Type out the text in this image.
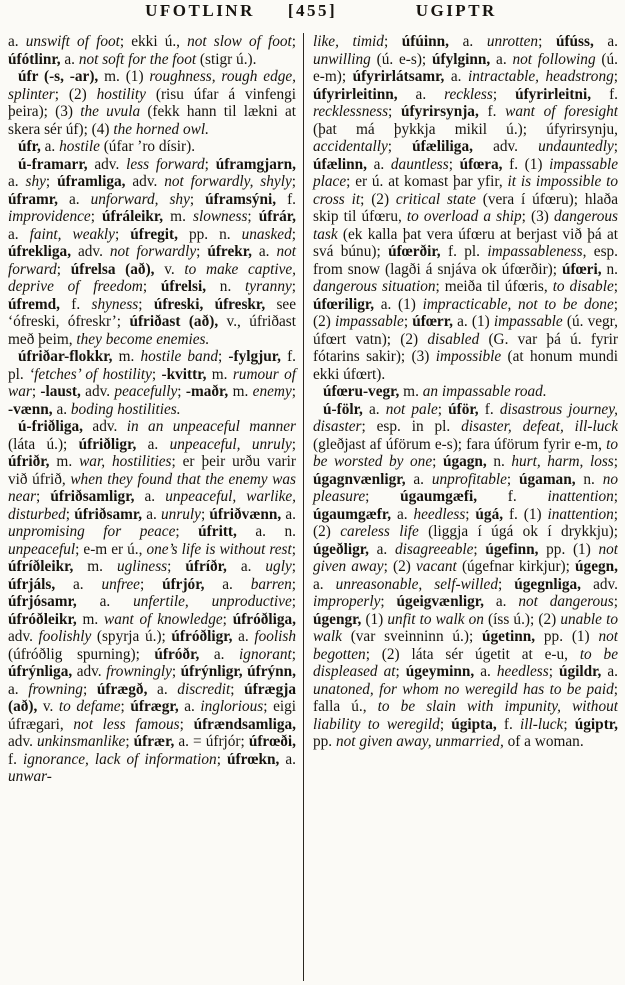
UFOTLINR [455]	UGIPTR

a. unswift of foot; ekki ú., not slow of foot; úfótlinr, a. not soft for the foot (stigr ú.).

úfr (-s, -ar), m. (1) roughness, rough edge, splinter; (2) hostility (risu úfar á vinfengi þeira); (3) the uvula (fekk hann til lækni at skera sér úf); (4) the horned owl.

úfr, a. hostile (úfar ’ro dísir).

ú-framarr, adv. less forward; úframgjarn, a. shy; úframliga, adv. not forwardly, shyly; úframr, a. unforward, shy; úframsýni, f. improvidence; úfráleikr, m. slowness; úfrár, a. faint, weakly; úfregit, pp. n. unasked; úfrekliga, adv. not forwardly; úfrekr, a. not forward; úfrelsa (að), v. to make captive, deprive of freedom; úfrelsi, n. tyranny; úfremd, f. shyness; úfreski, úfreskr, see ‘ófreski, ófreskr’; úfriðast (að), v., úfriðast með þeim, they become enemies.

úfriðar-flokkr, m. hostile band; -fylgjur, f. pl. ‘fetches’ of hostility; -kvittr, m. rumour of war; -laust, adv. peacefully; -maðr, m. enemy; -vænn, a. boding hostilities.

ú-friðliga, adv. in an unpeaceful manner (láta ú.); úfriðligr, a. unpeaceful, unruly; úfriðr, m. war, hostilities; er þeir urðu varir við úfrið, when they found that the enemy was near; úfriðsamligr, a. unpeaceful, warlike, disturbed; úfriðsamr, a. unruly; úfriðvænn, a. unpromising for peace; úfritt, a. n. unpeaceful; e-m er ú., one’s life is without rest; úfríðleikr, m. ugliness; úfríðr, a. ugly; úfrjáls, a. unfree; úfrjór, a. barren; úfrjósamr, a. unfertile, unproductive; úfróðleikr, m. want of knowledge; úfróðliga, adv. foolishly (spyrja ú.); úfróðligr, a. foolish (úfróðlig spurning); úfróðr, a. ignorant; úfrýnliga, adv. frowningly; úfrýnligr, úfrýnn, a. frowning; úfrægð, a. discredit; úfrægja (að), v. to defame; úfrægr, a. inglorious; eigi úfrægari, not less famous; úfrændsamliga, adv. unkinsmanlike; úfrær, a. = úfrjór; úfrœði, f. ignorance, lack of information; úfrœkn, a. unwar-

like, timid; úfúinn, a. unrotten; úfúss, a. unwilling (ú. e-s); úfylginn, a. not following (ú. e-m); úfyrirlátsamr, a. intractable, headstrong; úfyrirleitinn, a. reckless; úfyrirleitni, f. recklessness; úfyrirsynja, f. want of foresight (þat má þykkja mikil ú.); úfyrirsynju, accidentally; úfæliliga, adv. undauntedly; úfælinn, a. dauntless; úfœra, f. (1) impassable place; er ú. at komast þar yfir, it is impossible to cross it; (2) critical state (vera í úfœru); hlaða skip til úfœru, to overload a ship; (3) dangerous task (ek kalla þat vera úfœru at berjast við þá at svá búnu); úfœrðir, f. pl. impassableness, esp. from snow (lagði á snjáva ok úfœrðir); úfœri, n. dangerous situation; meiða til úfœris, to disable; úfœriligr, a. (1) impracticable, not to be done; (2) impassable; úfœrr, a. (1) impassable (ú. vegr, úfœrt vatn); (2) disabled (G. var þá ú. fyrir fótarins sakir); (3) impossible (at honum mundi ekki úfœrt).

úfœru-vegr, m. an impassable road.

ú-fölr, a. not pale; úför, f. disastrous journey, disaster; esp. in pl. disaster, defeat, ill-luck (gleðjast af úförum e-s); fara úförum fyrir e-m, to be worsted by one; úgagn, n. hurt, harm, loss; úgagnvænligr, a. unprofitable; úgaman, n. no pleasure; úgaumgæfi, f. inattention; úgaumgæfr, a. heedless; úgá, f. (1) inattention; (2) careless life (liggja í úgá ok í drykkju); úgeðligr, a. disagreeable; úgefinn, pp. (1) not given away; (2) vacant (úgefnar kirkjur); úgegn, a. unreasonable, self-willed; úgegnliga, adv. improperly; úgeigvænligr, a. not dangerous; úgengr, (1) unfit to walk on (íss ú.); (2) unable to walk (var sveinninn ú.); úgetinn, pp. (1) not begotten; (2) láta sér úgetit at e-u, to be displeased at; úgeyminn, a. heedless; úgildr, a. unatoned, for whom no weregild has to be paid; falla ú., to be slain with impunity, without liability to weregild; úgipta, f. ill-luck; úgiptr, pp. not given away, unmarried, of a woman.
